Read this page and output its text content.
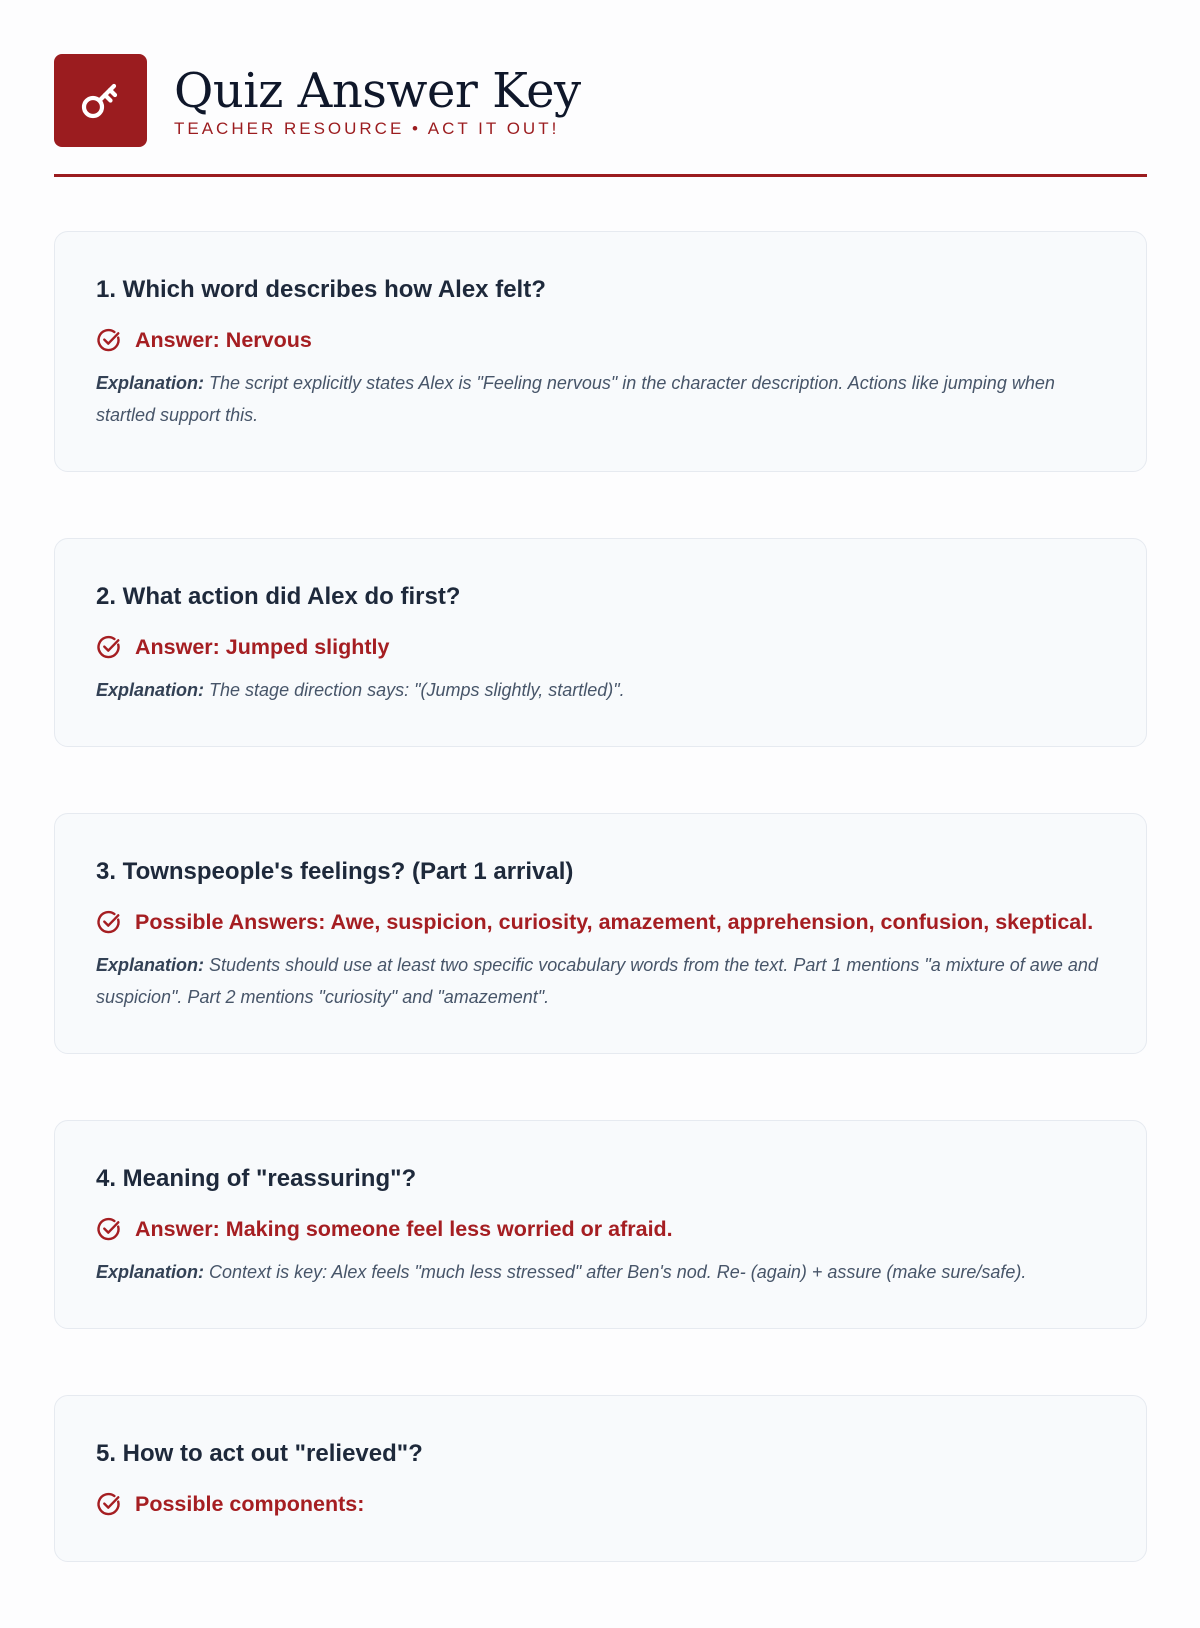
Quiz Answer Key
TEACHER RESOURCE • ACT IT OUT!

1. Which word describes how Alex felt?

Answer: Nervous
Explanation: The script explicitly states Alex is "Feeling nervous" in the character description. Actions like jumping when startled support this.

2. What action did Alex do first?

Answer: Jumped slightly
Explanation: The stage direction says: "(Jumps slightly, startled)".

3. Townspeople's feelings? (Part 1 arrival)

Possible Answers: Awe, suspicion, curiosity, amazement, apprehension, confusion, skeptical.
Explanation: Students should use at least two specific vocabulary words from the text. Part 1 mentions "a mixture of awe and suspicion". Part 2 mentions "curiosity" and "amazement".

4. Meaning of "reassuring"?

Answer: Making someone feel less worried or afraid.
Explanation: Context is key: Alex feels "much less stressed" after Ben's nod. Re- (again) + assure (make sure/safe).

5. How to act out "relieved"?

Possible components:
